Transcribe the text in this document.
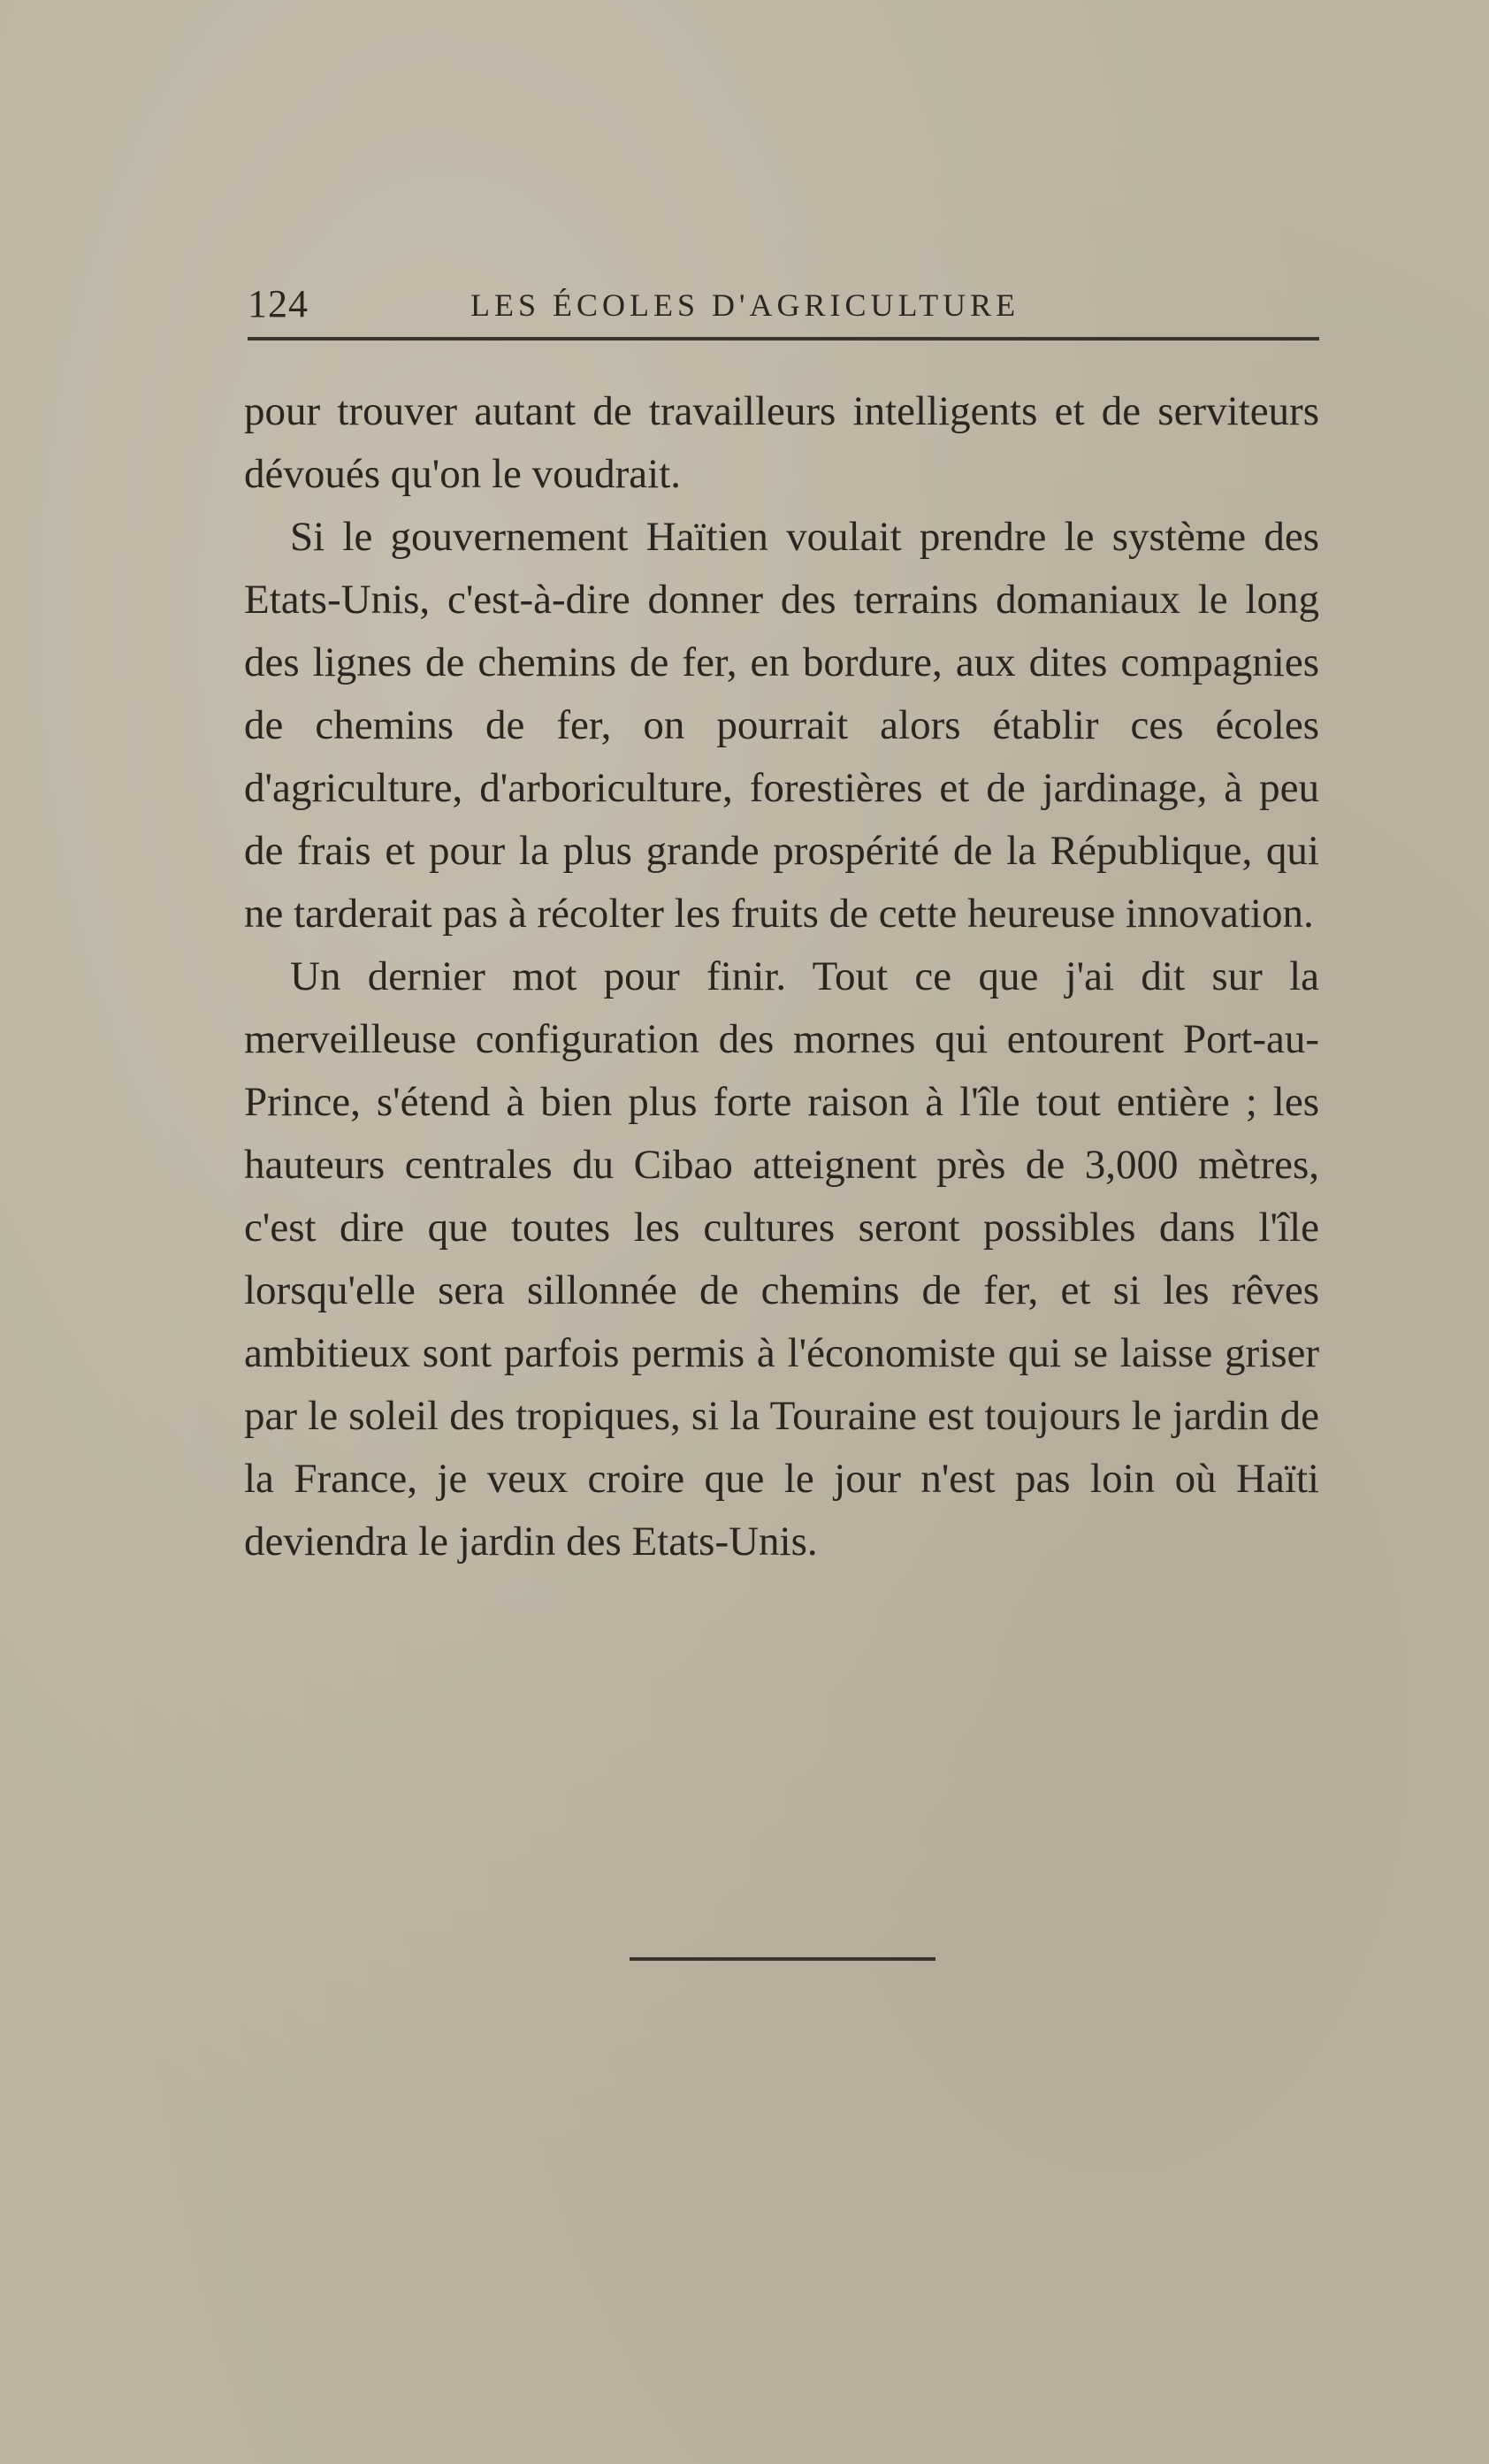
124	LES ÉCOLES D'AGRICULTURE

pour trouver autant de travailleurs intelligents et de serviteurs dévoués qu'on le voudrait.

Si le gouvernement Haïtien voulait prendre le système des Etats-Unis, c'est-à-dire donner des terrains domaniaux le long des lignes de chemins de fer, en bordure, aux dites compagnies de chemins de fer, on pourrait alors établir ces écoles d'agriculture, d'arboriculture, forestières et de jardinage, à peu de frais et pour la plus grande prospérité de la République, qui ne tarderait pas à récolter les fruits de cette heureuse innovation.

Un dernier mot pour finir. Tout ce que j'ai dit sur la merveilleuse configuration des mornes qui entourent Port-au-Prince, s'étend à bien plus forte raison à l'île tout entière ; les hauteurs centrales du Cibao atteignent près de 3,000 mètres, c'est dire que toutes les cultures seront possibles dans l'île lorsqu'elle sera sillonnée de chemins de fer, et si les rêves ambitieux sont parfois permis à l'économiste qui se laisse griser par le soleil des tropiques, si la Touraine est toujours le jardin de la France, je veux croire que le jour n'est pas loin où Haïti deviendra le jardin des Etats-Unis.
